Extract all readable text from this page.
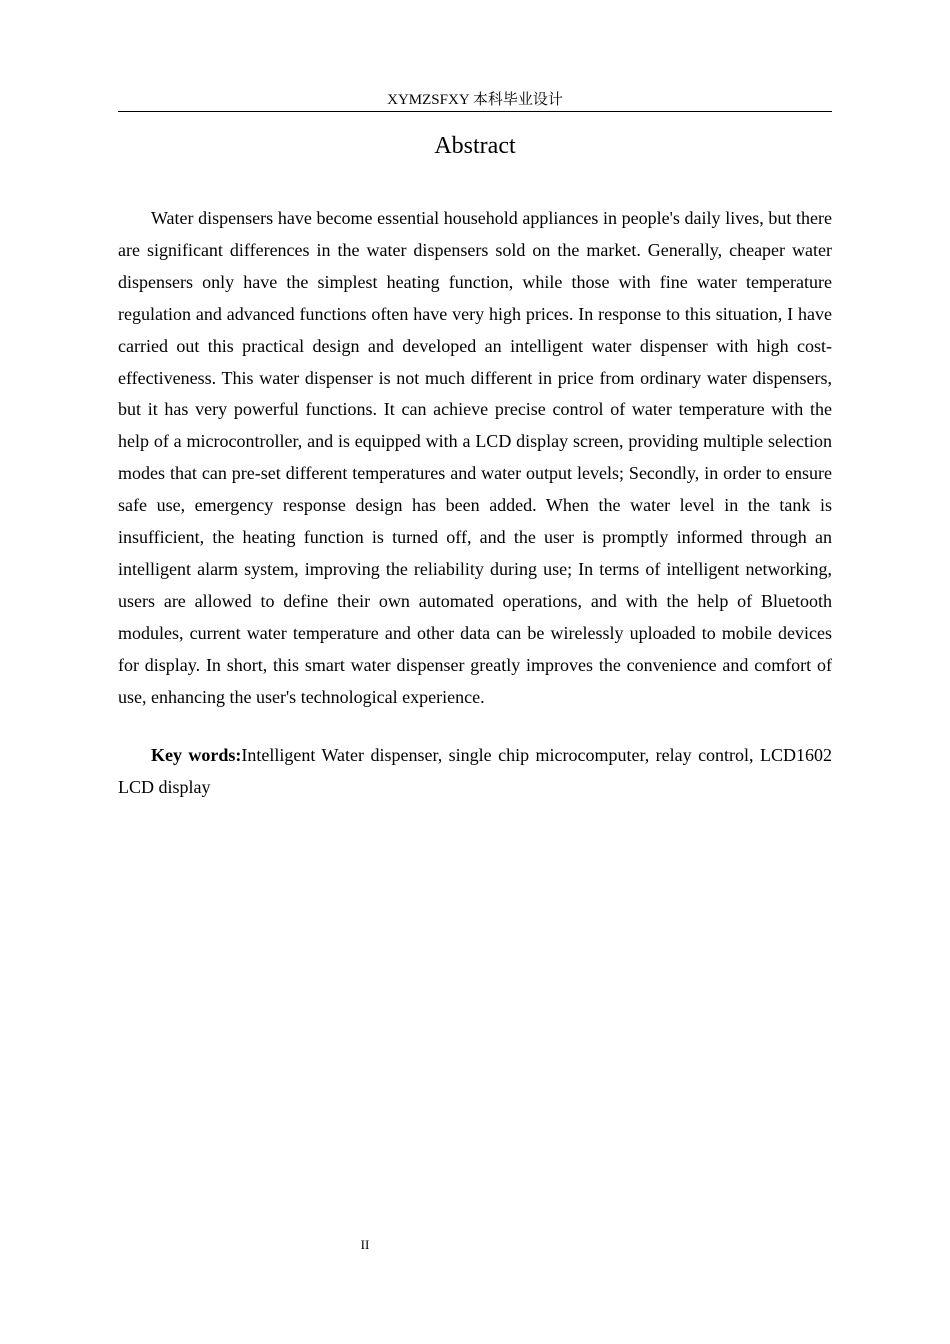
XYMZSFXY 本科毕业设计
Abstract

Water dispensers have become essential household appliances in people's daily lives, but there are significant differences in the water dispensers sold on the market. Generally, cheaper water dispensers only have the simplest heating function, while those with fine water temperature regulation and advanced functions often have very high prices. In response to this situation, I have carried out this practical design and developed an intelligent water dispenser with high cost-effectiveness. This water dispenser is not much different in price from ordinary water dispensers, but it has very powerful functions. It can achieve precise control of water temperature with the help of a microcontroller, and is equipped with a LCD display screen, providing multiple selection modes that can pre-set different temperatures and water output levels; Secondly, in order to ensure safe use, emergency response design has been added. When the water level in the tank is insufficient, the heating function is turned off, and the user is promptly informed through an intelligent alarm system, improving the reliability during use; In terms of intelligent networking, users are allowed to define their own automated operations, and with the help of Bluetooth modules, current water temperature and other data can be wirelessly uploaded to mobile devices for display. In short, this smart water dispenser greatly improves the convenience and comfort of use, enhancing the user's technological experience.

Key words:Intelligent Water dispenser, single chip microcomputer, relay control, LCD1602 LCD display

II
